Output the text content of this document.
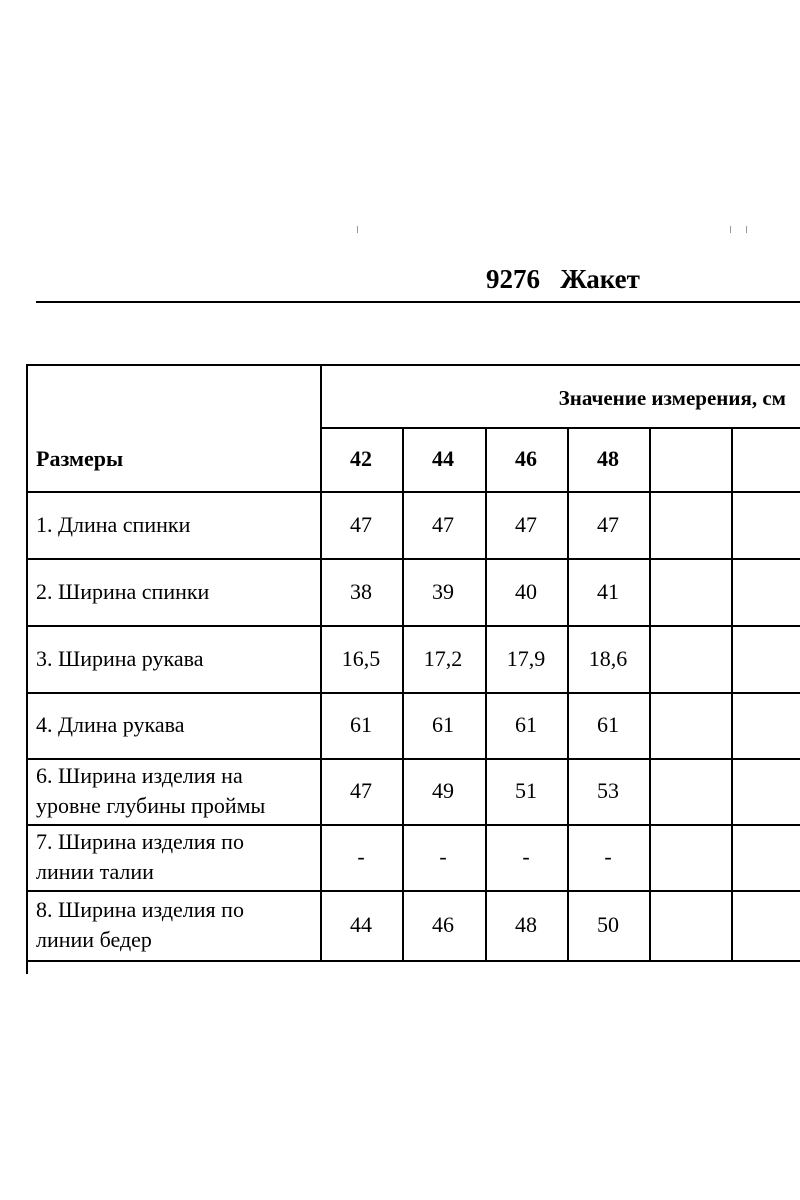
9276 Жакет
Значение измерения, см
Размеры	42	44	46	48
1. Длина спинки	47	47	47	47
2. Ширина спинки	38	39	40	41
3. Ширина рукава	16,5	17,2	17,9	18,6
4. Длина рукава	61	61	61	61
6. Ширина изделия на
уровне глубины проймы
47	49	51	53
7. Ширина изделия по
линии талии
-	-	-	-
8. Ширина изделия по
линии бедер
44	46	48	50
